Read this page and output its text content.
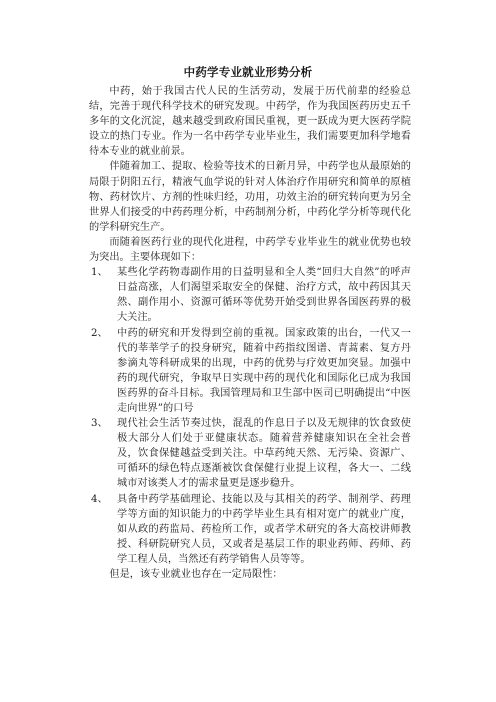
中药学专业就业形势分析

中药，始于我国古代人民的生活劳动，发展于历代前辈的经验总结，完善于现代科学技术的研究发现。中药学，作为我国医药历史五千多年的文化沉淀，越来越受到政府国民重视，更一跃成为更大医药学院设立的热门专业。作为一名中药学专业毕业生，我们需要更加科学地看待本专业的就业前景。

伴随着加工、提取、检验等技术的日新月异，中药学也从最原始的局限于阴阳五行，精液气血学说的针对人体治疗作用研究和简单的原植物、药材饮片、方剂的性味归经，功用，功效主治的研究转向更为另全世界人们接受的中药药理分析，中药制剂分析，中药化学分析等现代化的学科研究生产。

而随着医药行业的现代化进程，中药学专业毕业生的就业优势也较为突出。主要体现如下：

1、 某些化学药物毒副作用的日益明显和全人类“回归大自然”的呼声日益高涨，人们渴望采取安全的保健、治疗方式，故中药因其天然、副作用小、资源可循环等优势开始受到世界各国医药界的极大关注。
2、 中药的研究和开发得到空前的重视。国家政策的出台，一代又一代的莘莘学子的投身研究，随着中药指纹图谱、青蒿素、复方丹参滴丸等科研成果的出现，中药的优势与疗效更加突显。加强中药的现代研究，争取早日实现中药的现代化和国际化已成为我国医药界的奋斗目标。我国管理局和卫生部中医司已明确提出“中医走向世界”的口号
3、 现代社会生活节奏过快，混乱的作息日子以及无规律的饮食致使极大部分人们处于亚健康状态。随着营养健康知识在全社会普及，饮食保健越益受到关注。中草药纯天然、无污染、资源广、可循环的绿色特点逐渐被饮食保健行业提上议程，各大一、二线城市对该类人才的需求量更是逐步稳升。
4、 具备中药学基础理论、技能以及与其相关的药学、制剂学、药理学等方面的知识能力的中药学毕业生具有相对宽广的就业广度，如从政的药监局、药检所工作，或者学术研究的各大高校讲师教授、科研院研究人员，又或者是基层工作的职业药师、药师、药学工程人员，当然还有药学销售人员等等。

但是，该专业就业也存在一定局限性：
